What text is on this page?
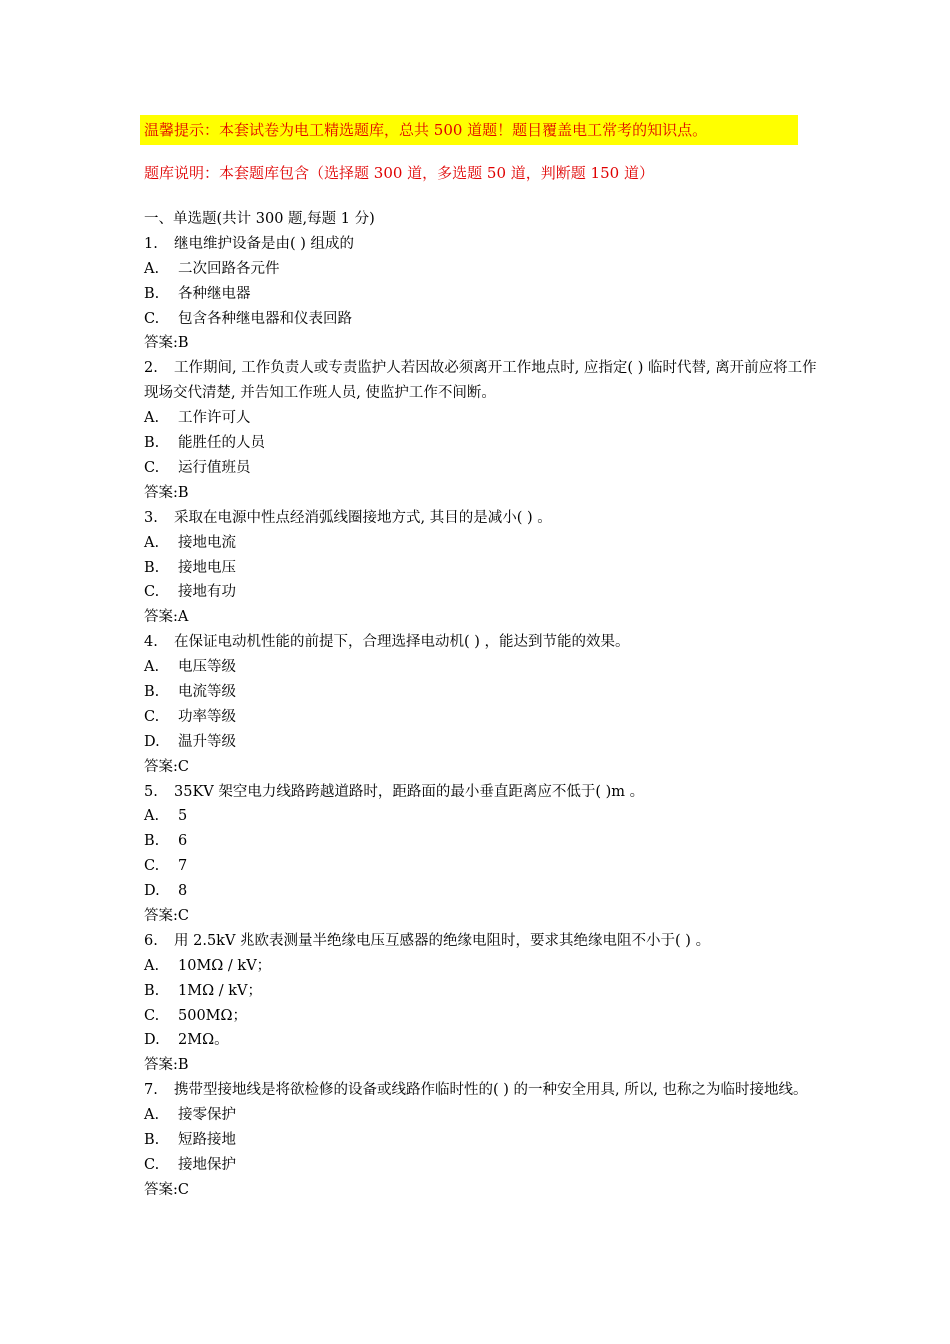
温馨提示：本套试卷为电工精选题库，总共 500 道题！题目覆盖电工常考的知识点。
题库说明：本套题库包含（选择题 300 道，多选题 50 道，判断题 150 道）
一、单选题(共计 300 题,每题 1 分)
1. 继电维护设备是由( ) 组成的
A. 二次回路各元件
B. 各种继电器
C. 包含各种继电器和仪表回路
答案:B
2. 工作期间, 工作负责人或专责监护人若因故必须离开工作地点时, 应指定( ) 临时代替, 离开前应将工作现场交代清楚, 并告知工作班人员, 使监护工作不间断。
A. 工作许可人
B. 能胜任的人员
C. 运行值班员
答案:B
3. 采取在电源中性点经消弧线圈接地方式, 其目的是减小( ) 。
A. 接地电流
B. 接地电压
C. 接地有功
答案:A
4. 在保证电动机性能的前提下，合理选择电动机( ) ，能达到节能的效果。
A. 电压等级
B. 电流等级
C. 功率等级
D. 温升等级
答案:C
5. 35KV 架空电力线路跨越道路时，距路面的最小垂直距离应不低于( )m 。
A. 5
B. 6
C. 7
D. 8
答案:C
6. 用 2.5kV 兆欧表测量半绝缘电压互感器的绝缘电阻时，要求其绝缘电阻不小于( ) 。
A. 10MΩ / kV；
B. 1MΩ / kV；
C. 500MΩ；
D. 2MΩ。
答案:B
7. 携带型接地线是将欲检修的设备或线路作临时性的( ) 的一种安全用具, 所以, 也称之为临时接地线。
A. 接零保护
B. 短路接地
C. 接地保护
答案:C
